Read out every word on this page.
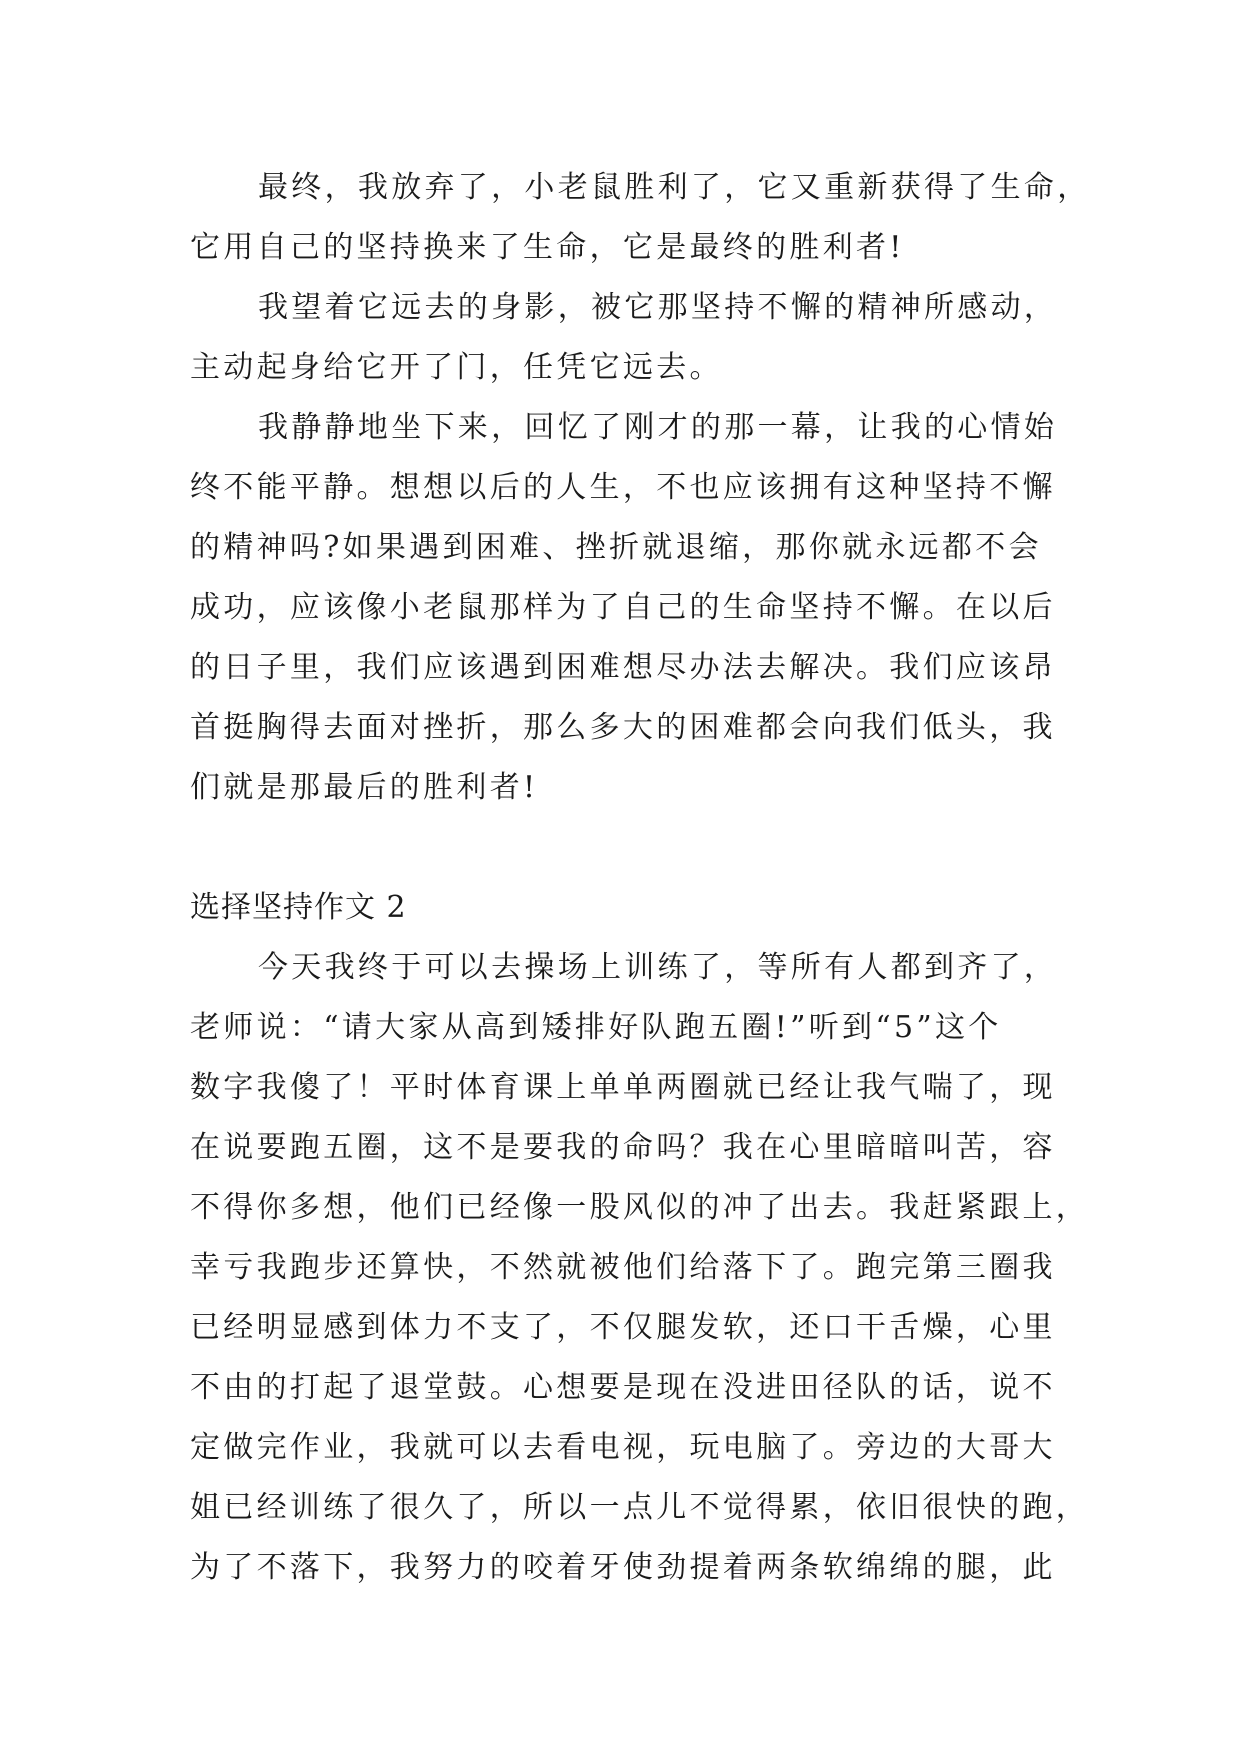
最终，我放弃了，小老鼠胜利了，它又重新获得了生命，
它用自己的坚持换来了生命，它是最终的胜利者!
我望着它远去的身影，被它那坚持不懈的精神所感动，
主动起身给它开了门，任凭它远去。
我静静地坐下来，回忆了刚才的那一幕，让我的心情始
终不能平静。想想以后的人生，不也应该拥有这种坚持不懈
的精神吗?如果遇到困难、挫折就退缩，那你就永远都不会
成功，应该像小老鼠那样为了自己的生命坚持不懈。在以后
的日子里，我们应该遇到困难想尽办法去解决。我们应该昂
首挺胸得去面对挫折，那么多大的困难都会向我们低头，我
们就是那最后的胜利者!
选择坚持作文 2
今天我终于可以去操场上训练了，等所有人都到齐了，
老师说：“请大家从高到矮排好队跑五圈!”听到“5”这个
数字我傻了！平时体育课上单单两圈就已经让我气喘了，现
在说要跑五圈，这不是要我的命吗？我在心里暗暗叫苦，容
不得你多想，他们已经像一股风似的冲了出去。我赶紧跟上，
幸亏我跑步还算快，不然就被他们给落下了。跑完第三圈我
已经明显感到体力不支了，不仅腿发软，还口干舌燥，心里
不由的打起了退堂鼓。心想要是现在没进田径队的话，说不
定做完作业，我就可以去看电视，玩电脑了。旁边的大哥大
姐已经训练了很久了，所以一点儿不觉得累，依旧很快的跑，
为了不落下，我努力的咬着牙使劲提着两条软绵绵的腿，此
